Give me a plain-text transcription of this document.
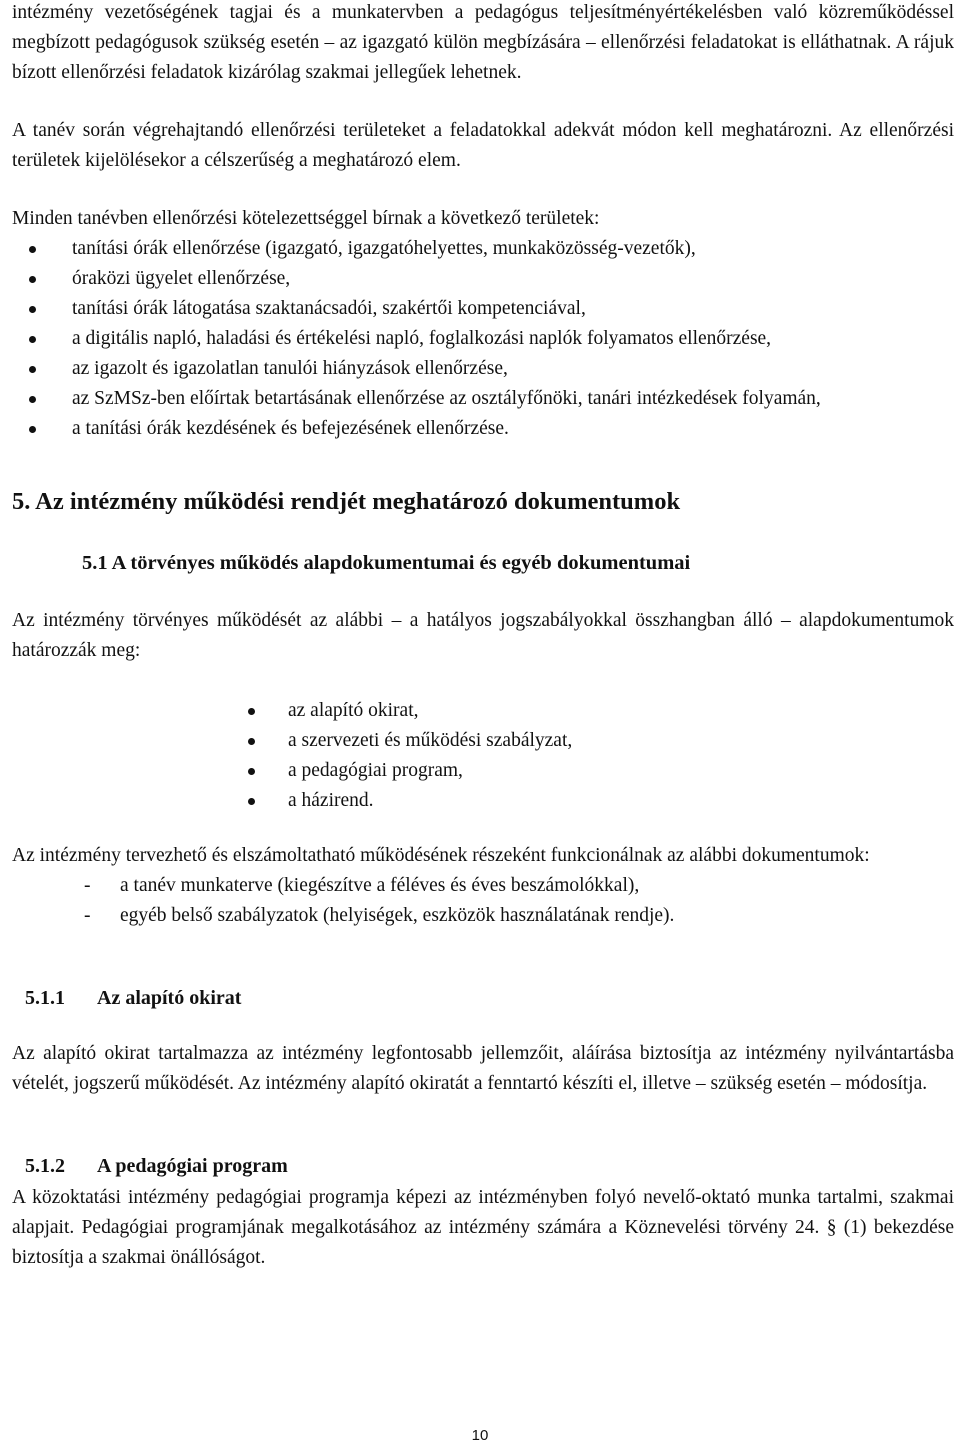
intézmény vezetőségének tagjai és a munkatervben a pedagógus teljesítményértékelésben való közreműködéssel megbízott pedagógusok szükség esetén – az igazgató külön megbízására – ellenőrzési feladatokat is elláthatnak. A rájuk bízott ellenőrzési feladatok kizárólag szakmai jellegűek lehetnek.

A tanév során végrehajtandó ellenőrzési területeket a feladatokkal adekvát módon kell meghatározni. Az ellenőrzési területek kijelölésekor a célszerűség a meghatározó elem.

Minden tanévben ellenőrzési kötelezettséggel bírnak a következő területek:

tanítási órák ellenőrzése (igazgató, igazgatóhelyettes, munkaközösség-vezetők),
óraközi ügyelet ellenőrzése,
tanítási órák látogatása szaktanácsadói, szakértői kompetenciával,
a digitális napló, haladási és értékelési napló, foglalkozási naplók folyamatos ellenőrzése,
az igazolt és igazolatlan tanulói hiányzások ellenőrzése,
az SzMSz-ben előírtak betartásának ellenőrzése az osztályfőnöki, tanári intézkedések folyamán,
a tanítási órák kezdésének és befejezésének ellenőrzése.
5. Az intézmény működési rendjét meghatározó dokumentumok
5.1 A törvényes működés alapdokumentumai és egyéb dokumentumai

Az intézmény törvényes működését az alábbi – a hatályos jogszabályokkal összhangban álló – alapdokumentumok határozzák meg:

az alapító okirat,
a szervezeti és működési szabályzat,
a pedagógiai program,
a házirend.

Az intézmény tervezhető és elszámoltatható működésének részeként funkcionálnak az alábbi dokumentumok:

- a tanév munkaterve (kiegészítve a féléves és éves beszámolókkal),
- egyéb belső szabályzatok (helyiségek, eszközök használatának rendje).
5.1.1 Az alapító okirat

Az alapító okirat tartalmazza az intézmény legfontosabb jellemzőit, aláírása biztosítja az intézmény nyilvántartásba vételét, jogszerű működését. Az intézmény alapító okiratát a fenntartó készíti el, illetve – szükség esetén – módosítja.

5.1.2 A pedagógiai program

A közoktatási intézmény pedagógiai programja képezi az intézményben folyó nevelő-oktató munka tartalmi, szakmai alapjait. Pedagógiai programjának megalkotásához az intézmény számára a Köznevelési törvény 24. § (1) bekezdése biztosítja a szakmai önállóságot.

10
